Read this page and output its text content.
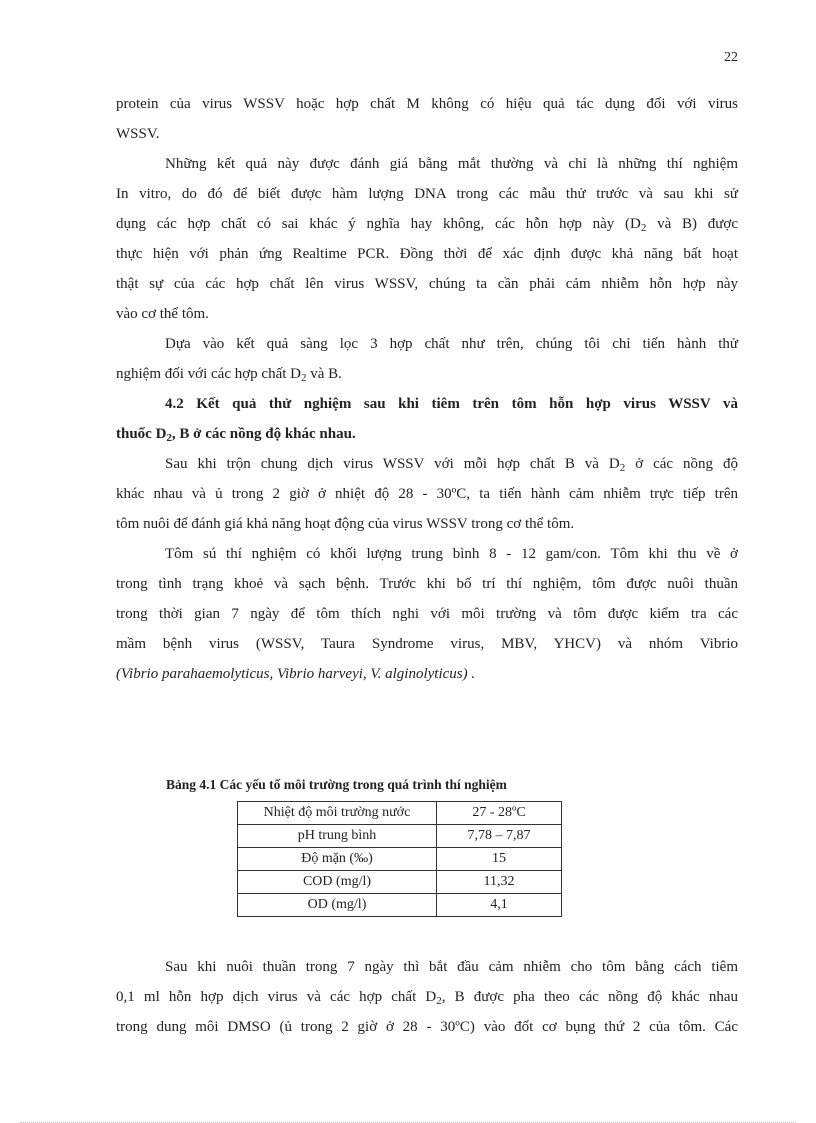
22
protein của virus WSSV hoặc hợp chất M không có hiệu quả tác dụng đối với virus
WSSV.
Những kết quả này được đánh giá bằng mắt thường và chỉ là những thí nghiệm
In vitro, do đó để biết được hàm lượng DNA trong các mẫu thử trước và sau khi sử
dụng các hợp chất có sai khác ý nghĩa hay không, các hỗn hợp này ($D_2$ và B) được
thực hiện với phản ứng Realtime PCR. Đồng thời để xác định được khả năng bất hoạt
thật sự của các hợp chất lên virus WSSV, chúng ta cần phải cảm nhiễm hỗn hợp này
vào cơ thể tôm.
Dựa vào kết quả sàng lọc 3 hợp chất như trên, chúng tôi chỉ tiến hành thử
nghiệm đối với các hợp chất $D_2$ và B.
4.2 Kết quả thử nghiệm sau khi tiêm trên tôm hỗn hợp virus WSSV và
thuốc $D_2$, B ở các nồng độ khác nhau.
Sau khi trộn chung dịch virus WSSV với mỗi hợp chất B và $D_2$ ở các nồng độ
khác nhau và ủ trong 2 giờ ở nhiệt độ 28 - 30ºC, ta tiến hành cảm nhiễm trực tiếp trên
tôm nuôi để đánh giá khả năng hoạt động của virus WSSV trong cơ thể tôm.
Tôm sú thí nghiệm có khối lượng trung bình 8 - 12 gam/con. Tôm khi thu về ở
trong tình trạng khoẻ và sạch bệnh. Trước khi bố trí thí nghiệm, tôm được nuôi thuần
trong thời gian 7 ngày để tôm thích nghi với môi trường và tôm được kiểm tra các
mầm bệnh virus (WSSV, Taura Syndrome virus, MBV, YHCV) và nhóm Vibrio
(Vibrio parahaemolyticus, Vibrio harveyi, V. alginolyticus) .
Bảng 4.1 Các yếu tố môi trường trong quá trình thí nghiệm
Nhiệt độ môi trường nước	27 - 28ºC
pH trung bình	7,78 – 7,87
Độ mặn (‰)	15
COD (mg/l)	11,32
OD (mg/l)	4,1
Sau khi nuôi thuần trong 7 ngày thì bắt đầu cảm nhiễm cho tôm bằng cách tiêm
0,1 ml hỗn hợp dịch virus và các hợp chất $D_2$, B được pha theo các nồng độ khác nhau
trong dung môi DMSO (ủ trong 2 giờ ở 28 - 30ºC) vào đốt cơ bụng thứ 2 của tôm. Các
